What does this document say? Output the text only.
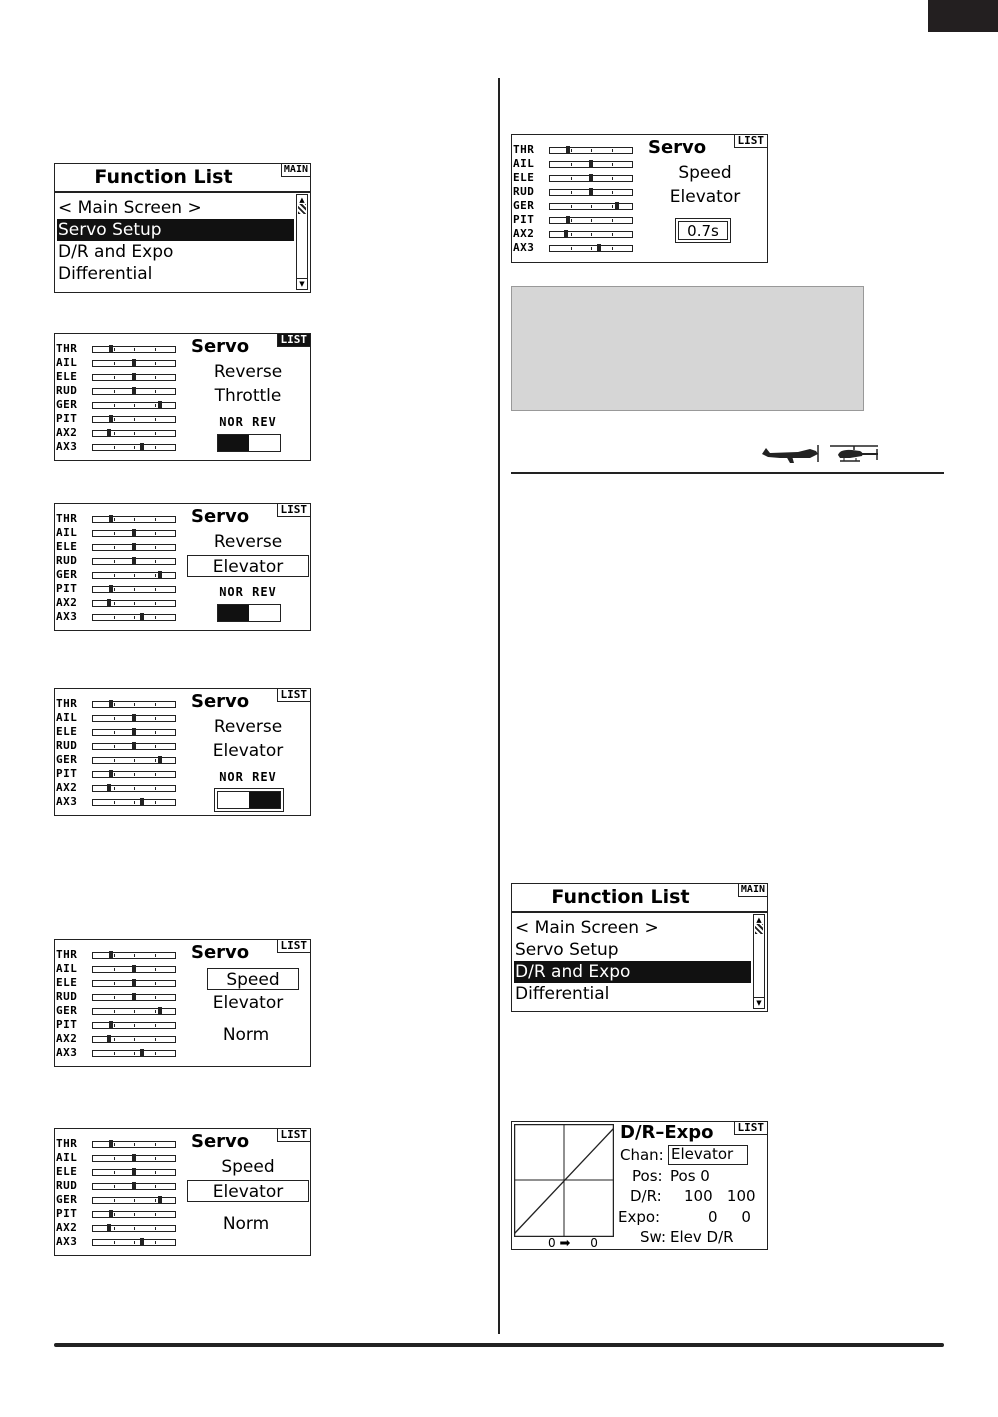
Function List	MAIN
< Main Screen >
Servo Setup
D/R and Expo
Differential
▲
▼
Servo	LIST
Reverse
Throttle
NOR REV
THR
AIL
ELE
RUD
GER
PIT
AX2
AX3
Servo	LIST
Reverse
Elevator
NOR REV
THR
AIL
ELE
RUD
GER
PIT
AX2
AX3
Servo	LIST
Reverse
Elevator
NOR REV
THR
AIL
ELE
RUD
GER
PIT
AX2
AX3
Servo	LIST
Speed
Elevator
Norm
THR
AIL
ELE
RUD
GER
PIT
AX2
AX3
Servo	LIST
Speed
Elevator
Norm
THR
AIL
ELE
RUD
GER
PIT
AX2
AX3
Servo	LIST
Speed
Elevator
0.7s
THR
AIL
ELE
RUD
GER
PIT
AX2
AX3
Function List	MAIN
< Main Screen >
Servo Setup
D/R and Expo
Differential
▲
▼
0 ➡ 0
D/R–Expo	LIST
Chan: Elevator
Pos: Pos 0
D/R: 100   100
Expo:	0     0
Sw: Elev D/R
